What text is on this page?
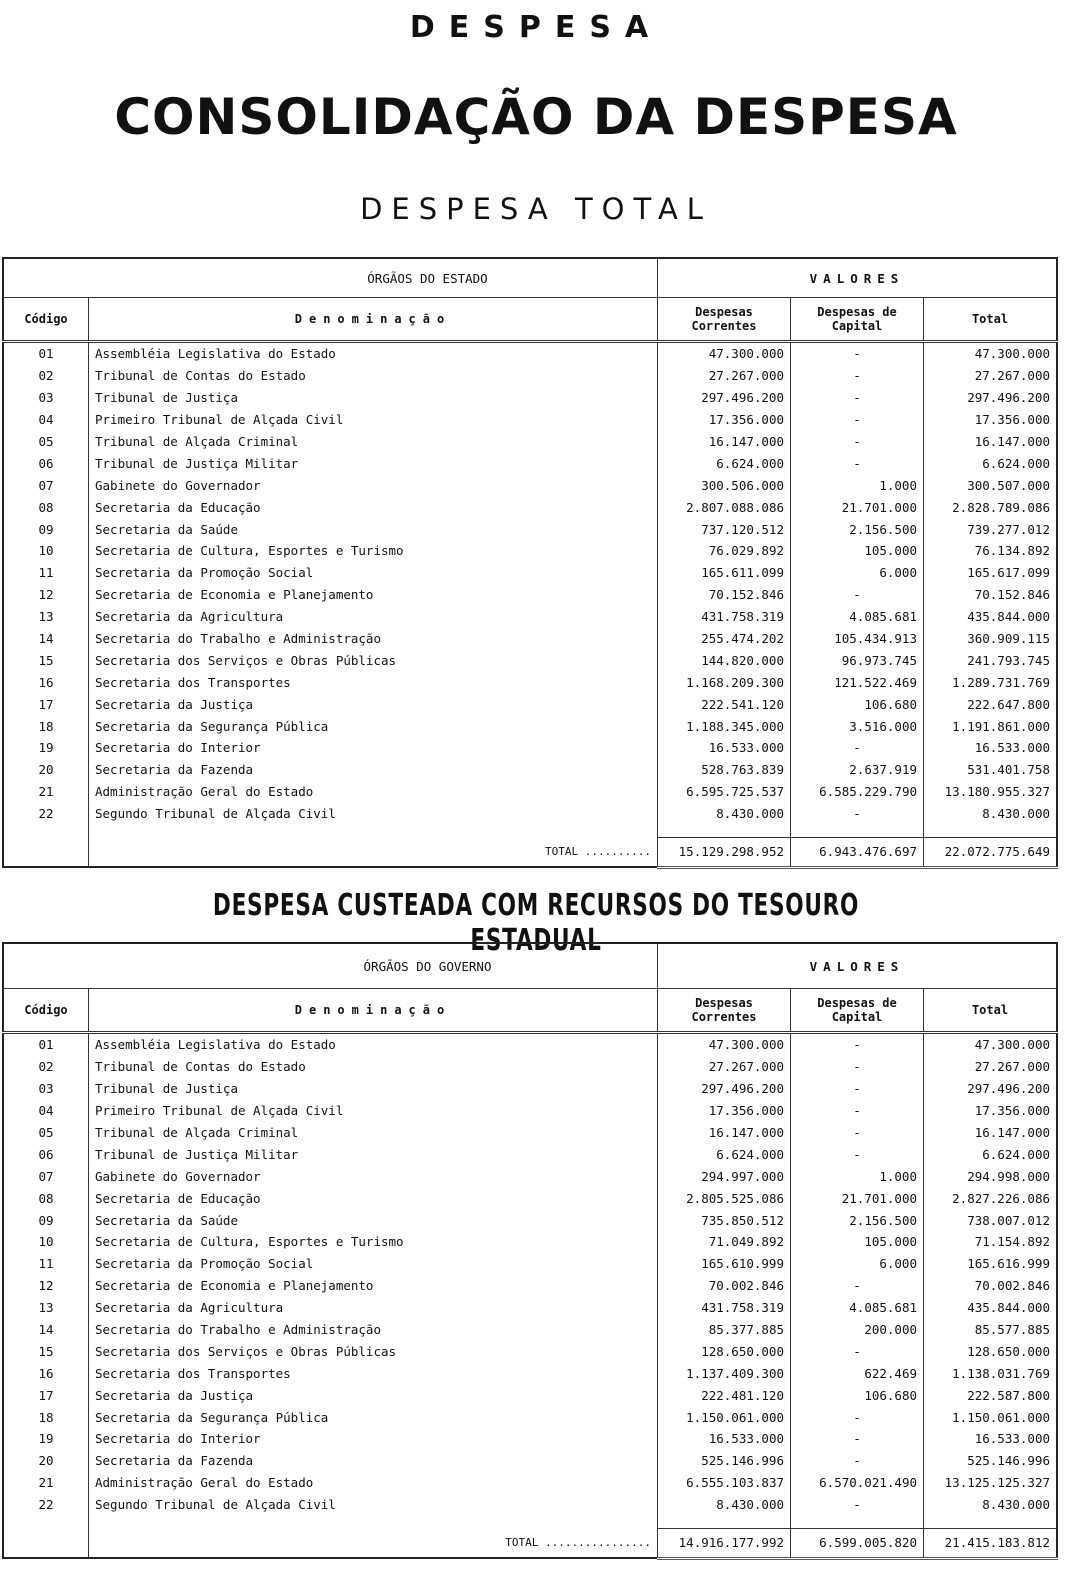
DESPESA
CONSOLIDAÇÃO DA DESPESA
DESPESA TOTAL
ÓRGÃOS DO ESTADO		VALORES		
Código	Denominação	Despesas Correntes	Despesas de Capital	Total
01	Assembléia Legislativa do Estado	47.300.000	-	47.300.000
02	Tribunal de Contas do Estado	27.267.000	-	27.267.000
03	Tribunal de Justiça	297.496.200	-	297.496.200
04	Primeiro Tribunal de Alçada Civil	17.356.000	-	17.356.000
05	Tribunal de Alçada Criminal	16.147.000	-	16.147.000
06	Tribunal de Justiça Militar	6.624.000	-	6.624.000
07	Gabinete do Governador	300.506.000	1.000	300.507.000
08	Secretaria da Educação	2.807.088.086	21.701.000	2.828.789.086
09	Secretaria da Saúde	737.120.512	2.156.500	739.277.012
10	Secretaria de Cultura, Esportes e Turismo	76.029.892	105.000	76.134.892
11	Secretaria da Promoção Social	165.611.099	6.000	165.617.099
12	Secretaria de Economia e Planejamento	70.152.846	-	70.152.846
13	Secretaria da Agricultura	431.758.319	4.085.681	435.844.000
14	Secretaria do Trabalho e Administração	255.474.202	105.434.913	360.909.115
15	Secretaria dos Serviços e Obras Públicas	144.820.000	96.973.745	241.793.745
16	Secretaria dos Transportes	1.168.209.300	121.522.469	1.289.731.769
17	Secretaria da Justiça	222.541.120	106.680	222.647.800
18	Secretaria da Segurança Pública	1.188.345.000	3.516.000	1.191.861.000
19	Secretaria do Interior	16.533.000	-	16.533.000
20	Secretaria da Fazenda	528.763.839	2.637.919	531.401.758
21	Administração Geral do Estado	6.595.725.537	6.585.229.790	13.180.955.327
22	Segundo Tribunal de Alçada Civil	8.430.000	-	8.430.000

	TOTAL ..........	15.129.298.952	6.943.476.697	22.072.775.649
DESPESA CUSTEADA COM RECURSOS DO TESOURO ESTADUAL
ÓRGÃOS DO GOVERNO		VALORES		
Código	Denominação	Despesas Correntes	Despesas de Capital	Total
01	Assembléia Legislativa do Estado	47.300.000	-	47.300.000
02	Tribunal de Contas do Estado	27.267.000	-	27.267.000
03	Tribunal de Justiça	297.496.200	-	297.496.200
04	Primeiro Tribunal de Alçada Civil	17.356.000	-	17.356.000
05	Tribunal de Alçada Criminal	16.147.000	-	16.147.000
06	Tribunal de Justiça Militar	6.624.000	-	6.624.000
07	Gabinete do Governador	294.997.000	1.000	294.998.000
08	Secretaria de Educação	2.805.525.086	21.701.000	2.827.226.086
09	Secretaria da Saúde	735.850.512	2.156.500	738.007.012
10	Secretaria de Cultura, Esportes e Turismo	71.049.892	105.000	71.154.892
11	Secretaria da Promoção Social	165.610.999	6.000	165.616.999
12	Secretaria de Economia e Planejamento	70.002.846	-	70.002.846
13	Secretaria da Agricultura	431.758.319	4.085.681	435.844.000
14	Secretaria do Trabalho e Administração	85.377.885	200.000	85.577.885
15	Secretaria dos Serviços e Obras Públicas	128.650.000	-	128.650.000
16	Secretaria dos Transportes	1.137.409.300	622.469	1.138.031.769
17	Secretaria da Justiça	222.481.120	106.680	222.587.800
18	Secretaria da Segurança Pública	1.150.061.000	-	1.150.061.000
19	Secretaria do Interior	16.533.000	-	16.533.000
20	Secretaria da Fazenda	525.146.996	-	525.146.996
21	Administração Geral do Estado	6.555.103.837	6.570.021.490	13.125.125.327
22	Segundo Tribunal de Alçada Civil	8.430.000	-	8.430.000

	TOTAL ................	14.916.177.992	6.599.005.820	21.415.183.812
